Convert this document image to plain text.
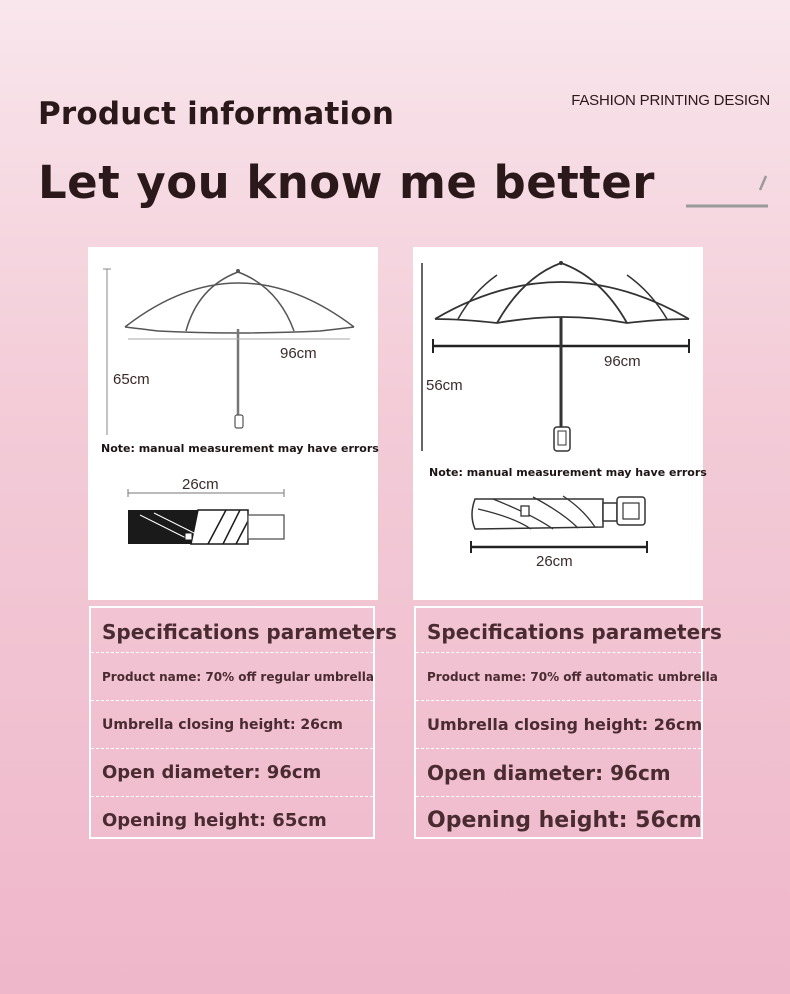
Product information
Let you know me better
FASHION PRINTING DESIGN
96cm
65cm
Note: manual measurement may have errors
26cm
96cm
56cm
Note: manual measurement may have errors
26cm
Specifications parameters
Product name: 70% off regular umbrella
Umbrella closing height: 26cm
Open diameter: 96cm
Opening height: 65cm
Specifications parameters
Product name: 70% off automatic umbrella
Umbrella closing height: 26cm
Open diameter: 96cm
Opening height: 56cm
